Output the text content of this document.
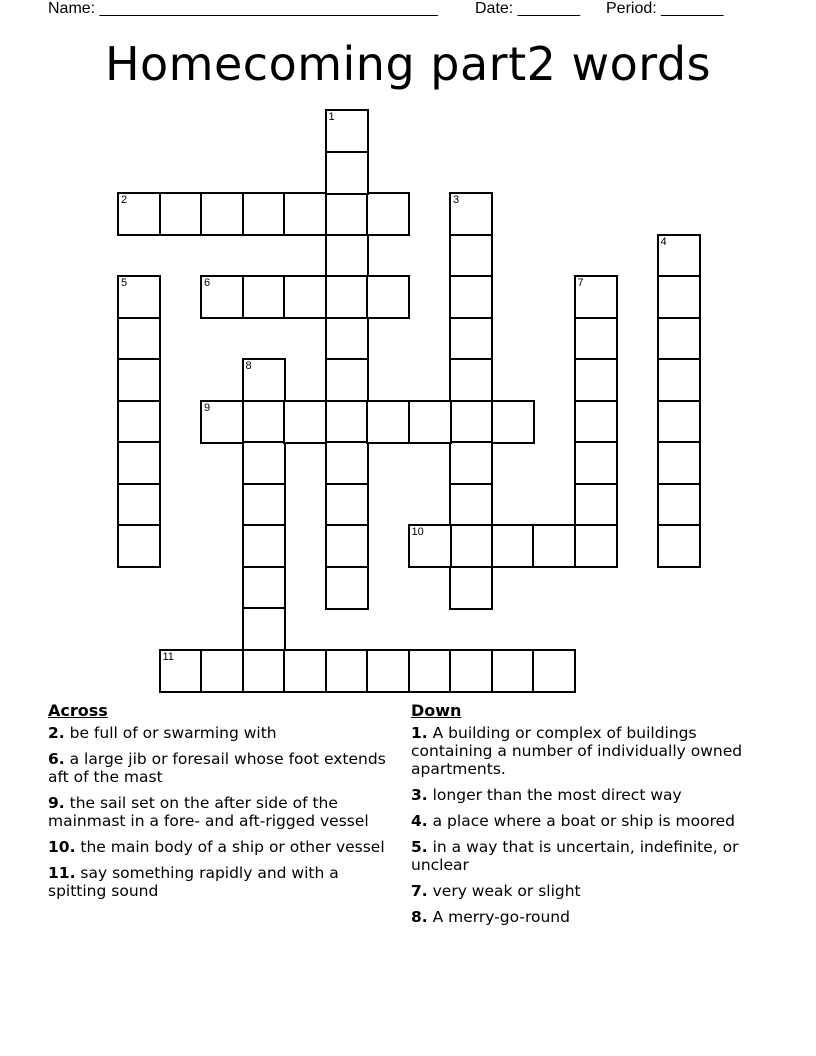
Name: ______________________________________ Date: _______ Period: _______
Homecoming part2 words
2
1
3
4
5	6	7
8
9
10
11
Across
2. be full of or swarming with
6. a large jib or foresail whose foot extends aft of the mast
9. the sail set on the after side of the mainmast in a fore- and aft-rigged vessel
10. the main body of a ship or other vessel
11. say something rapidly and with a spitting sound
Down
1. A building or complex of buildings containing a number of individually owned apartments.
3. longer than the most direct way
4. a place where a boat or ship is moored
5. in a way that is uncertain, indefinite, or unclear
7. very weak or slight
8. A merry-go-round
